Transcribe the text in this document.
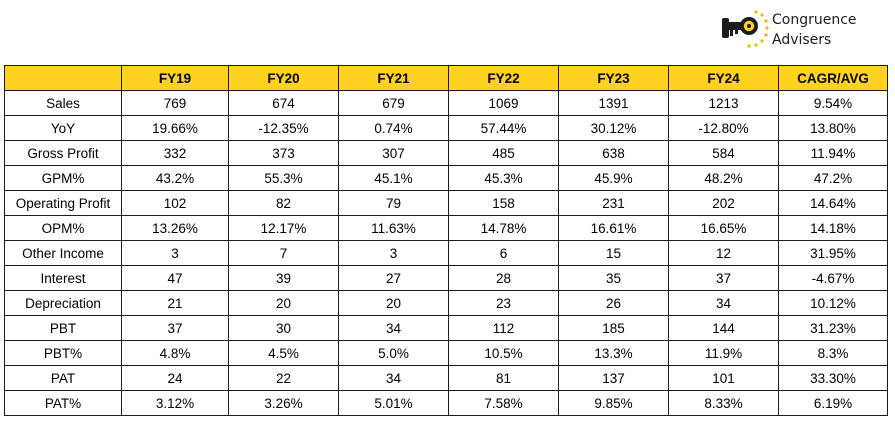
Congruence
Advisers
	FY19	FY20	FY21	FY22	FY23	FY24	CAGR/AVG
Sales	769	674	679	1069	1391	1213	9.54%
YoY	19.66%	-12.35%	0.74%	57.44%	30.12%	-12.80%	13.80%
Gross Profit	332	373	307	485	638	584	11.94%
GPM%	43.2%	55.3%	45.1%	45.3%	45.9%	48.2%	47.2%
Operating Profit	102	82	79	158	231	202	14.64%
OPM%	13.26%	12.17%	11.63%	14.78%	16.61%	16.65%	14.18%
Other Income	3	7	3	6	15	12	31.95%
Interest	47	39	27	28	35	37	-4.67%
Depreciation	21	20	20	23	26	34	10.12%
PBT	37	30	34	112	185	144	31.23%
PBT%	4.8%	4.5%	5.0%	10.5%	13.3%	11.9%	8.3%
PAT	24	22	34	81	137	101	33.30%
PAT%	3.12%	3.26%	5.01%	7.58%	9.85%	8.33%	6.19%
